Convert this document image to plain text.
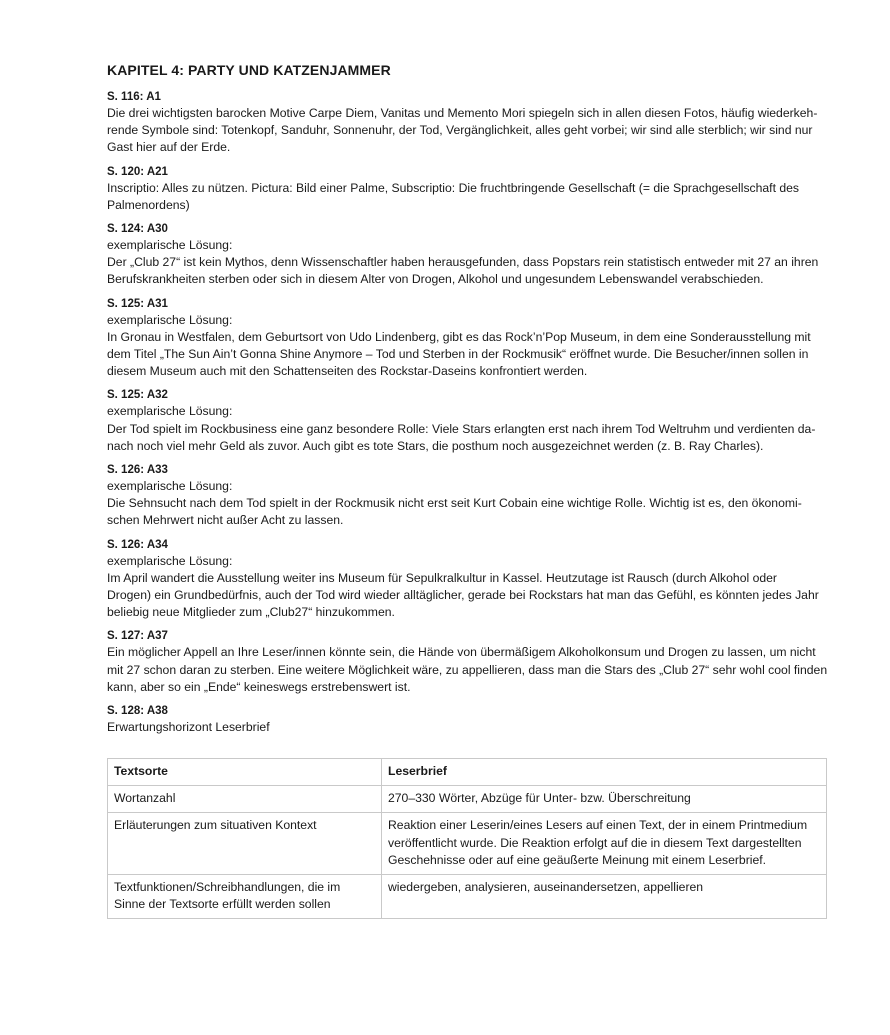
KAPITEL 4: PARTY UND KATZENJAMMER
S. 116: A1
Die drei wichtigsten barocken Motive Carpe Diem, Vanitas und Memento Mori spiegeln sich in allen diesen Fotos, häufig wiederkeh-
rende Symbole sind: Totenkopf, Sanduhr, Sonnenuhr, der Tod, Vergänglichkeit, alles geht vorbei; wir sind alle sterblich; wir sind nur
Gast hier auf der Erde.
S. 120: A21
Inscriptio: Alles zu nützen. Pictura: Bild einer Palme, Subscriptio: Die fruchtbringende Gesellschaft (= die Sprachgesellschaft des
Palmenordens)
S. 124: A30
exemplarische Lösung:
Der „Club 27“ ist kein Mythos, denn Wissenschaftler haben herausgefunden, dass Popstars rein statistisch entweder mit 27 an ihren
Berufskrankheiten sterben oder sich in diesem Alter von Drogen, Alkohol und ungesundem Lebenswandel verabschieden.
S. 125: A31
exemplarische Lösung:
In Gronau in Westfalen, dem Geburtsort von Udo Lindenberg, gibt es das Rock’n’Pop Museum, in dem eine Sonderausstellung mit
dem Titel „The Sun Ain’t Gonna Shine Anymore – Tod und Sterben in der Rockmusik“ eröffnet wurde. Die Besucher/innen sollen in
diesem Museum auch mit den Schattenseiten des Rockstar-Daseins konfrontiert werden.
S. 125: A32
exemplarische Lösung:
Der Tod spielt im Rockbusiness eine ganz besondere Rolle: Viele Stars erlangten erst nach ihrem Tod Weltruhm und verdienten da-
nach noch viel mehr Geld als zuvor. Auch gibt es tote Stars, die posthum noch ausgezeichnet werden (z. B. Ray Charles).
S. 126: A33
exemplarische Lösung:
Die Sehnsucht nach dem Tod spielt in der Rockmusik nicht erst seit Kurt Cobain eine wichtige Rolle. Wichtig ist es, den ökonomi-
schen Mehrwert nicht außer Acht zu lassen.
S. 126: A34
exemplarische Lösung:
Im April wandert die Ausstellung weiter ins Museum für Sepulkralkultur in Kassel. Heutzutage ist Rausch (durch Alkohol oder
Drogen) ein Grundbedürfnis, auch der Tod wird wieder alltäglicher, gerade bei Rockstars hat man das Gefühl, es könnten jedes Jahr
beliebig neue Mitglieder zum „Club27“ hinzukommen.
S. 127: A37
Ein möglicher Appell an Ihre Leser/innen könnte sein, die Hände von übermäßigem Alkoholkonsum und Drogen zu lassen, um nicht
mit 27 schon daran zu sterben. Eine weitere Möglichkeit wäre, zu appellieren, dass man die Stars des „Club 27“ sehr wohl cool finden
kann, aber so ein „Ende“ keineswegs erstrebenswert ist.
S. 128: A38
Erwartungshorizont Leserbrief
Textsorte	Leserbrief

Wortanzahl	270–330 Wörter, Abzüge für Unter- bzw. Überschreitung

Erläuterungen zum situativen Kontext	Reaktion einer Leserin/eines Lesers auf einen Text, der in einem Printmedium
veröffentlicht wurde. Die Reaktion erfolgt auf die in diesem Text dargestellten
Geschehnisse oder auf eine geäußerte Meinung mit einem Leserbrief.

Textfunktionen/Schreibhandlungen, die im
Sinne der Textsorte erfüllt werden sollen	wiedergeben, analysieren, auseinandersetzen, appellieren
